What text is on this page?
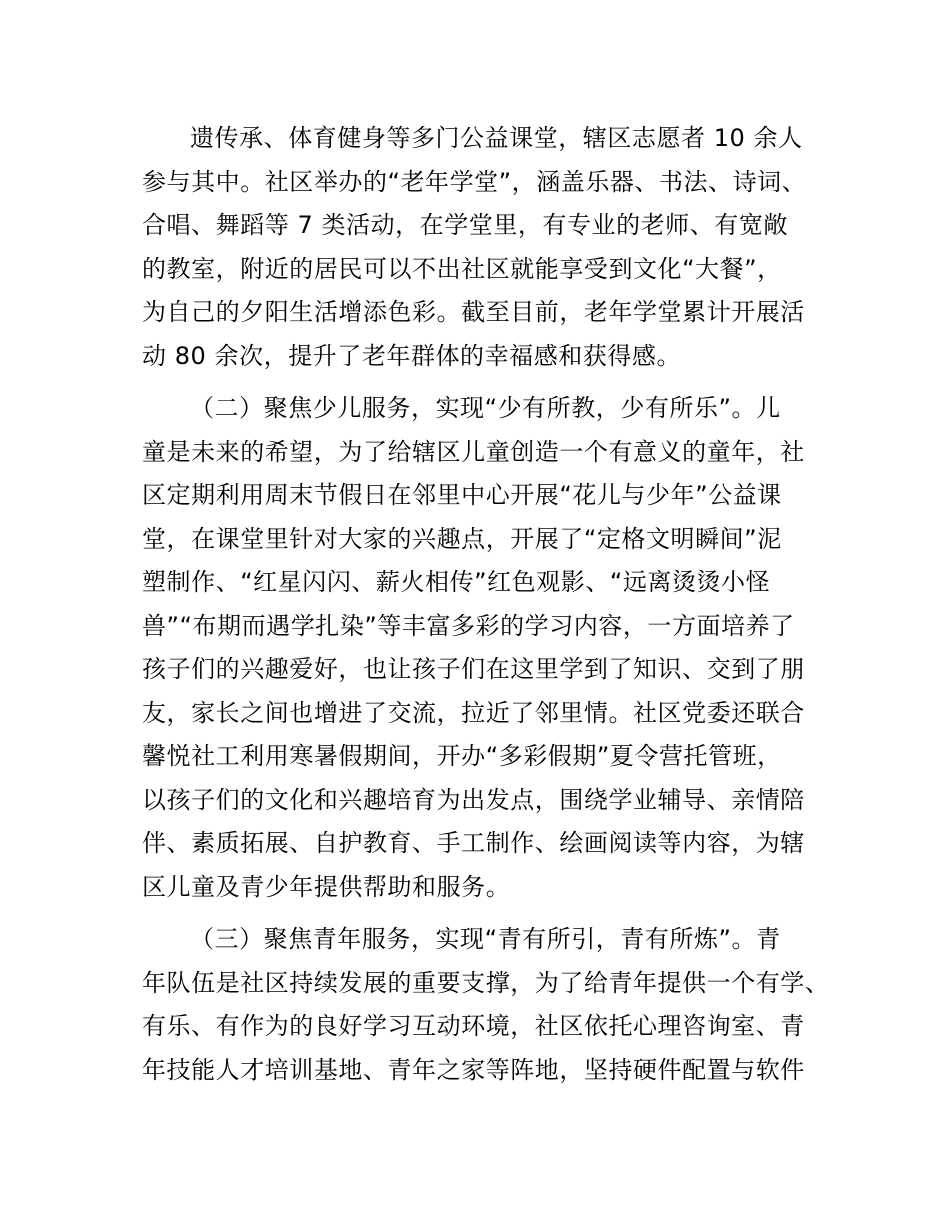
遗传承、体育健身等多门公益课堂，辖区志愿者 10 余人
参与其中。社区举办的“老年学堂”，涵盖乐器、书法、诗词、
合唱、舞蹈等 7 类活动，在学堂里，有专业的老师、有宽敞
的教室，附近的居民可以不出社区就能享受到文化“大餐”，
为自己的夕阳生活增添色彩。截至目前，老年学堂累计开展活
动 80 余次，提升了老年群体的幸福感和获得感。
（二）聚焦少儿服务，实现“少有所教，少有所乐”。儿
童是未来的希望，为了给辖区儿童创造一个有意义的童年，社
区定期利用周末节假日在邻里中心开展“花儿与少年”公益课
堂，在课堂里针对大家的兴趣点，开展了“定格文明瞬间”泥
塑制作、“红星闪闪、薪火相传”红色观影、“远离烫烫小怪
兽”“布期而遇学扎染”等丰富多彩的学习内容，一方面培养了
孩子们的兴趣爱好，也让孩子们在这里学到了知识、交到了朋
友，家长之间也增进了交流，拉近了邻里情。社区党委还联合
馨悦社工利用寒暑假期间，开办“多彩假期”夏令营托管班，
以孩子们的文化和兴趣培育为出发点，围绕学业辅导、亲情陪
伴、素质拓展、自护教育、手工制作、绘画阅读等内容，为辖
区儿童及青少年提供帮助和服务。
（三）聚焦青年服务，实现“青有所引，青有所炼”。青
年队伍是社区持续发展的重要支撑，为了给青年提供一个有学、
有乐、有作为的良好学习互动环境，社区依托心理咨询室、青
年技能人才培训基地、青年之家等阵地，坚持硬件配置与软件
